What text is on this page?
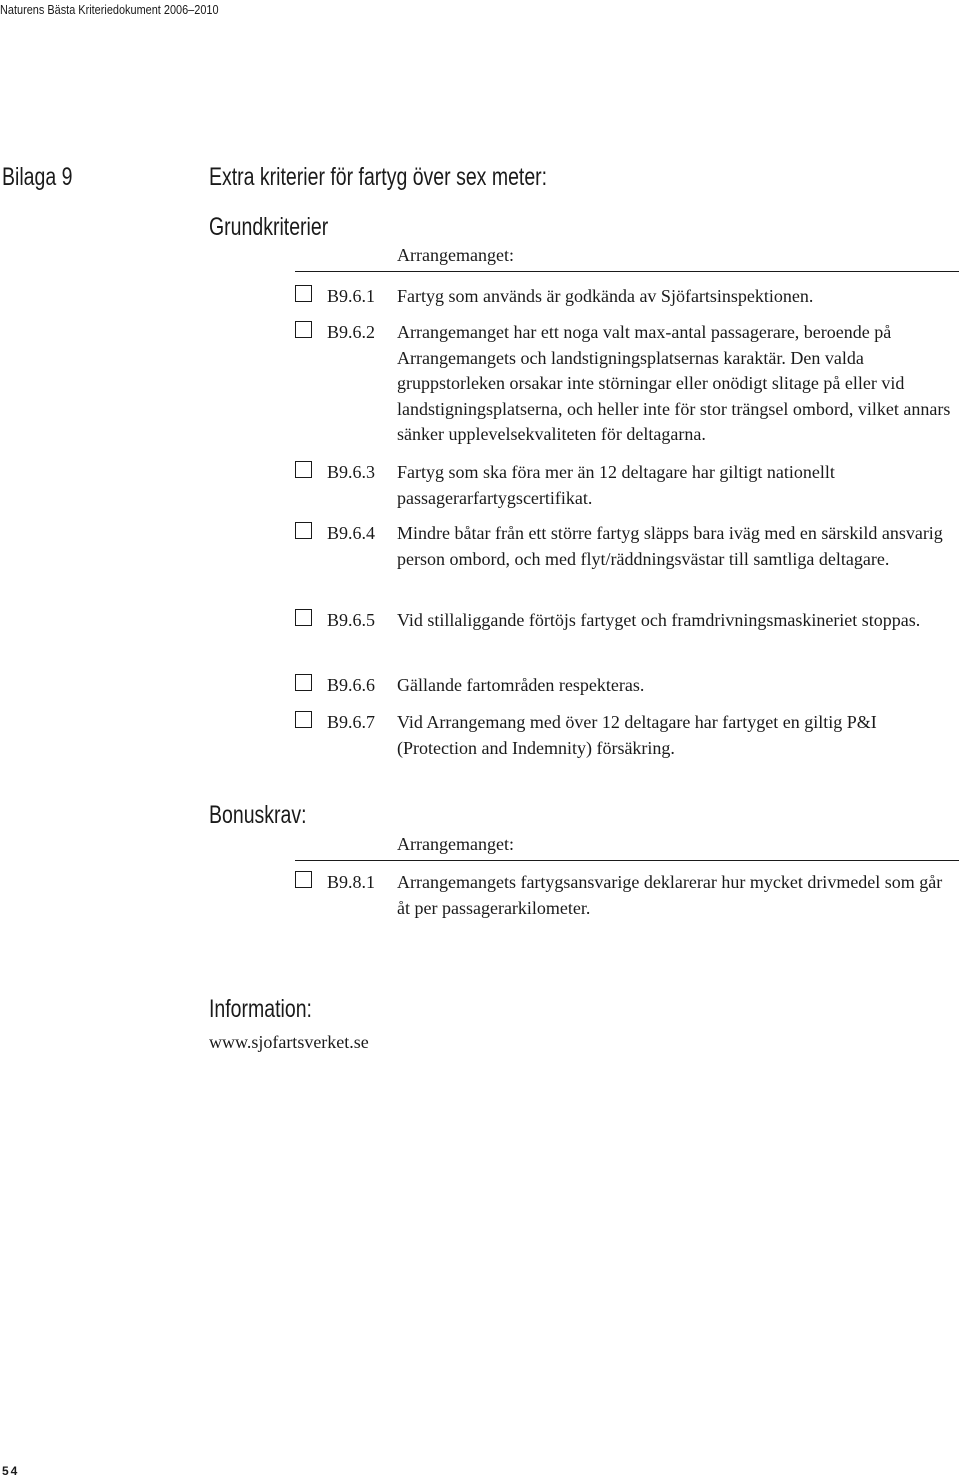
Naturens Bästa Kriteriedokument 2006–2010
Bilaga 9	Extra kriterier för fartyg över sex meter:
Grundkriterier
Arrangemanget:
B9.6.1 Fartyg som används är godkända av Sjöfartsinspektionen.
B9.6.2 Arrangemanget har ett noga valt max-antal passagerare, beroende på Arrangemangets och landstigningsplatsernas karaktär. Den valda gruppstorleken orsakar inte störningar eller onödigt slitage på eller vid landstigningsplatserna, och heller inte för stor trängsel ombord, vilket annars sänker upplevelsekvaliteten för deltagarna.
B9.6.3 Fartyg som ska föra mer än 12 deltagare har giltigt nationellt passagerarfartygscertifikat.
B9.6.4 Mindre båtar från ett större fartyg släpps bara iväg med en särskild ansvarig person ombord, och med flyt/räddningsvästar till samtliga deltagare.
B9.6.5 Vid stillaliggande förtöjs fartyget och framdrivningsmaskineriet stoppas.
B9.6.6 Gällande fartområden respekteras.
B9.6.7 Vid Arrangemang med över 12 deltagare har fartyget en giltig P&I (Protection and Indemnity) försäkring.
Bonuskrav:
Arrangemanget:
B9.8.1 Arrangemangets fartygsansvarige deklarerar hur mycket drivmedel som går åt per passagerarkilometer.
Information:
www.sjofartsverket.se
54
